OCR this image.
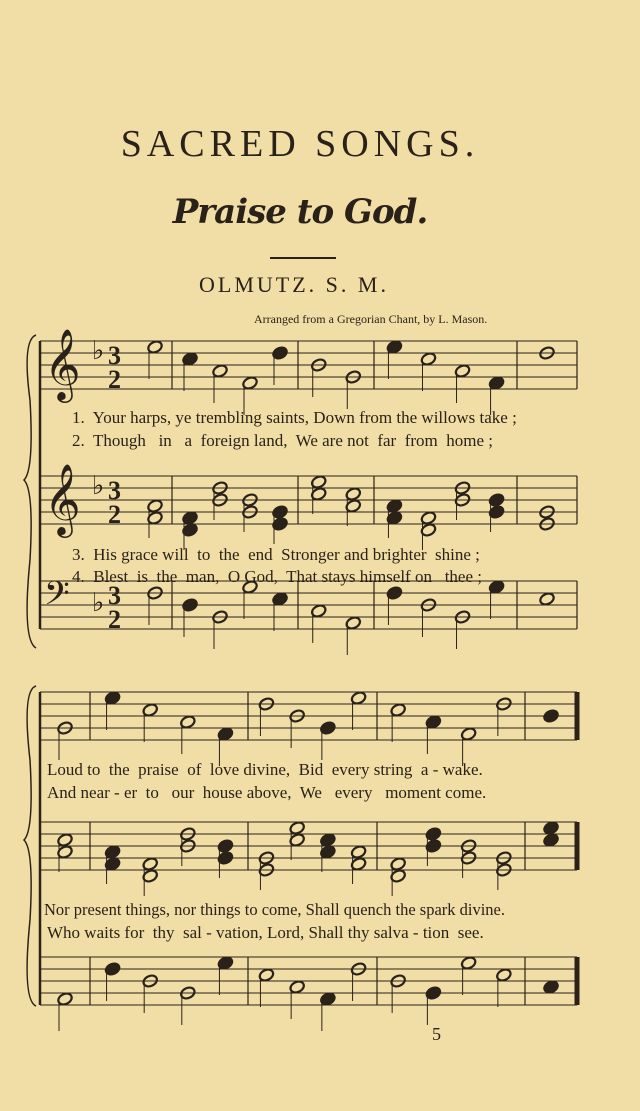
SACRED SONGS.
Praise to God.
OLMUTZ. S. M.
Arranged from a Gregorian Chant, by L. Mason.
𝄞 ♭ 3
2
𝄞 ♭ 3
2
𝄢 ♭ 3
2
1.  Your harps, ye trembling saints, Down from the willows take ;
2.  Though   in   a  foreign land,  We are not  far  from  home ;
3.  His grace will  to  the  end  Stronger and brighter  shine ;
4.  Blest  is  the  man,  O God,  That stays himself on   thee ;
Loud to  the  praise  of  love divine,  Bid  every string  a - wake.
And near - er  to   our  house above,  We   every   moment come.
Nor present things, nor things to come, Shall quench the spark divine.
Who waits for  thy  sal - vation, Lord, Shall thy salva - tion  see.
5
